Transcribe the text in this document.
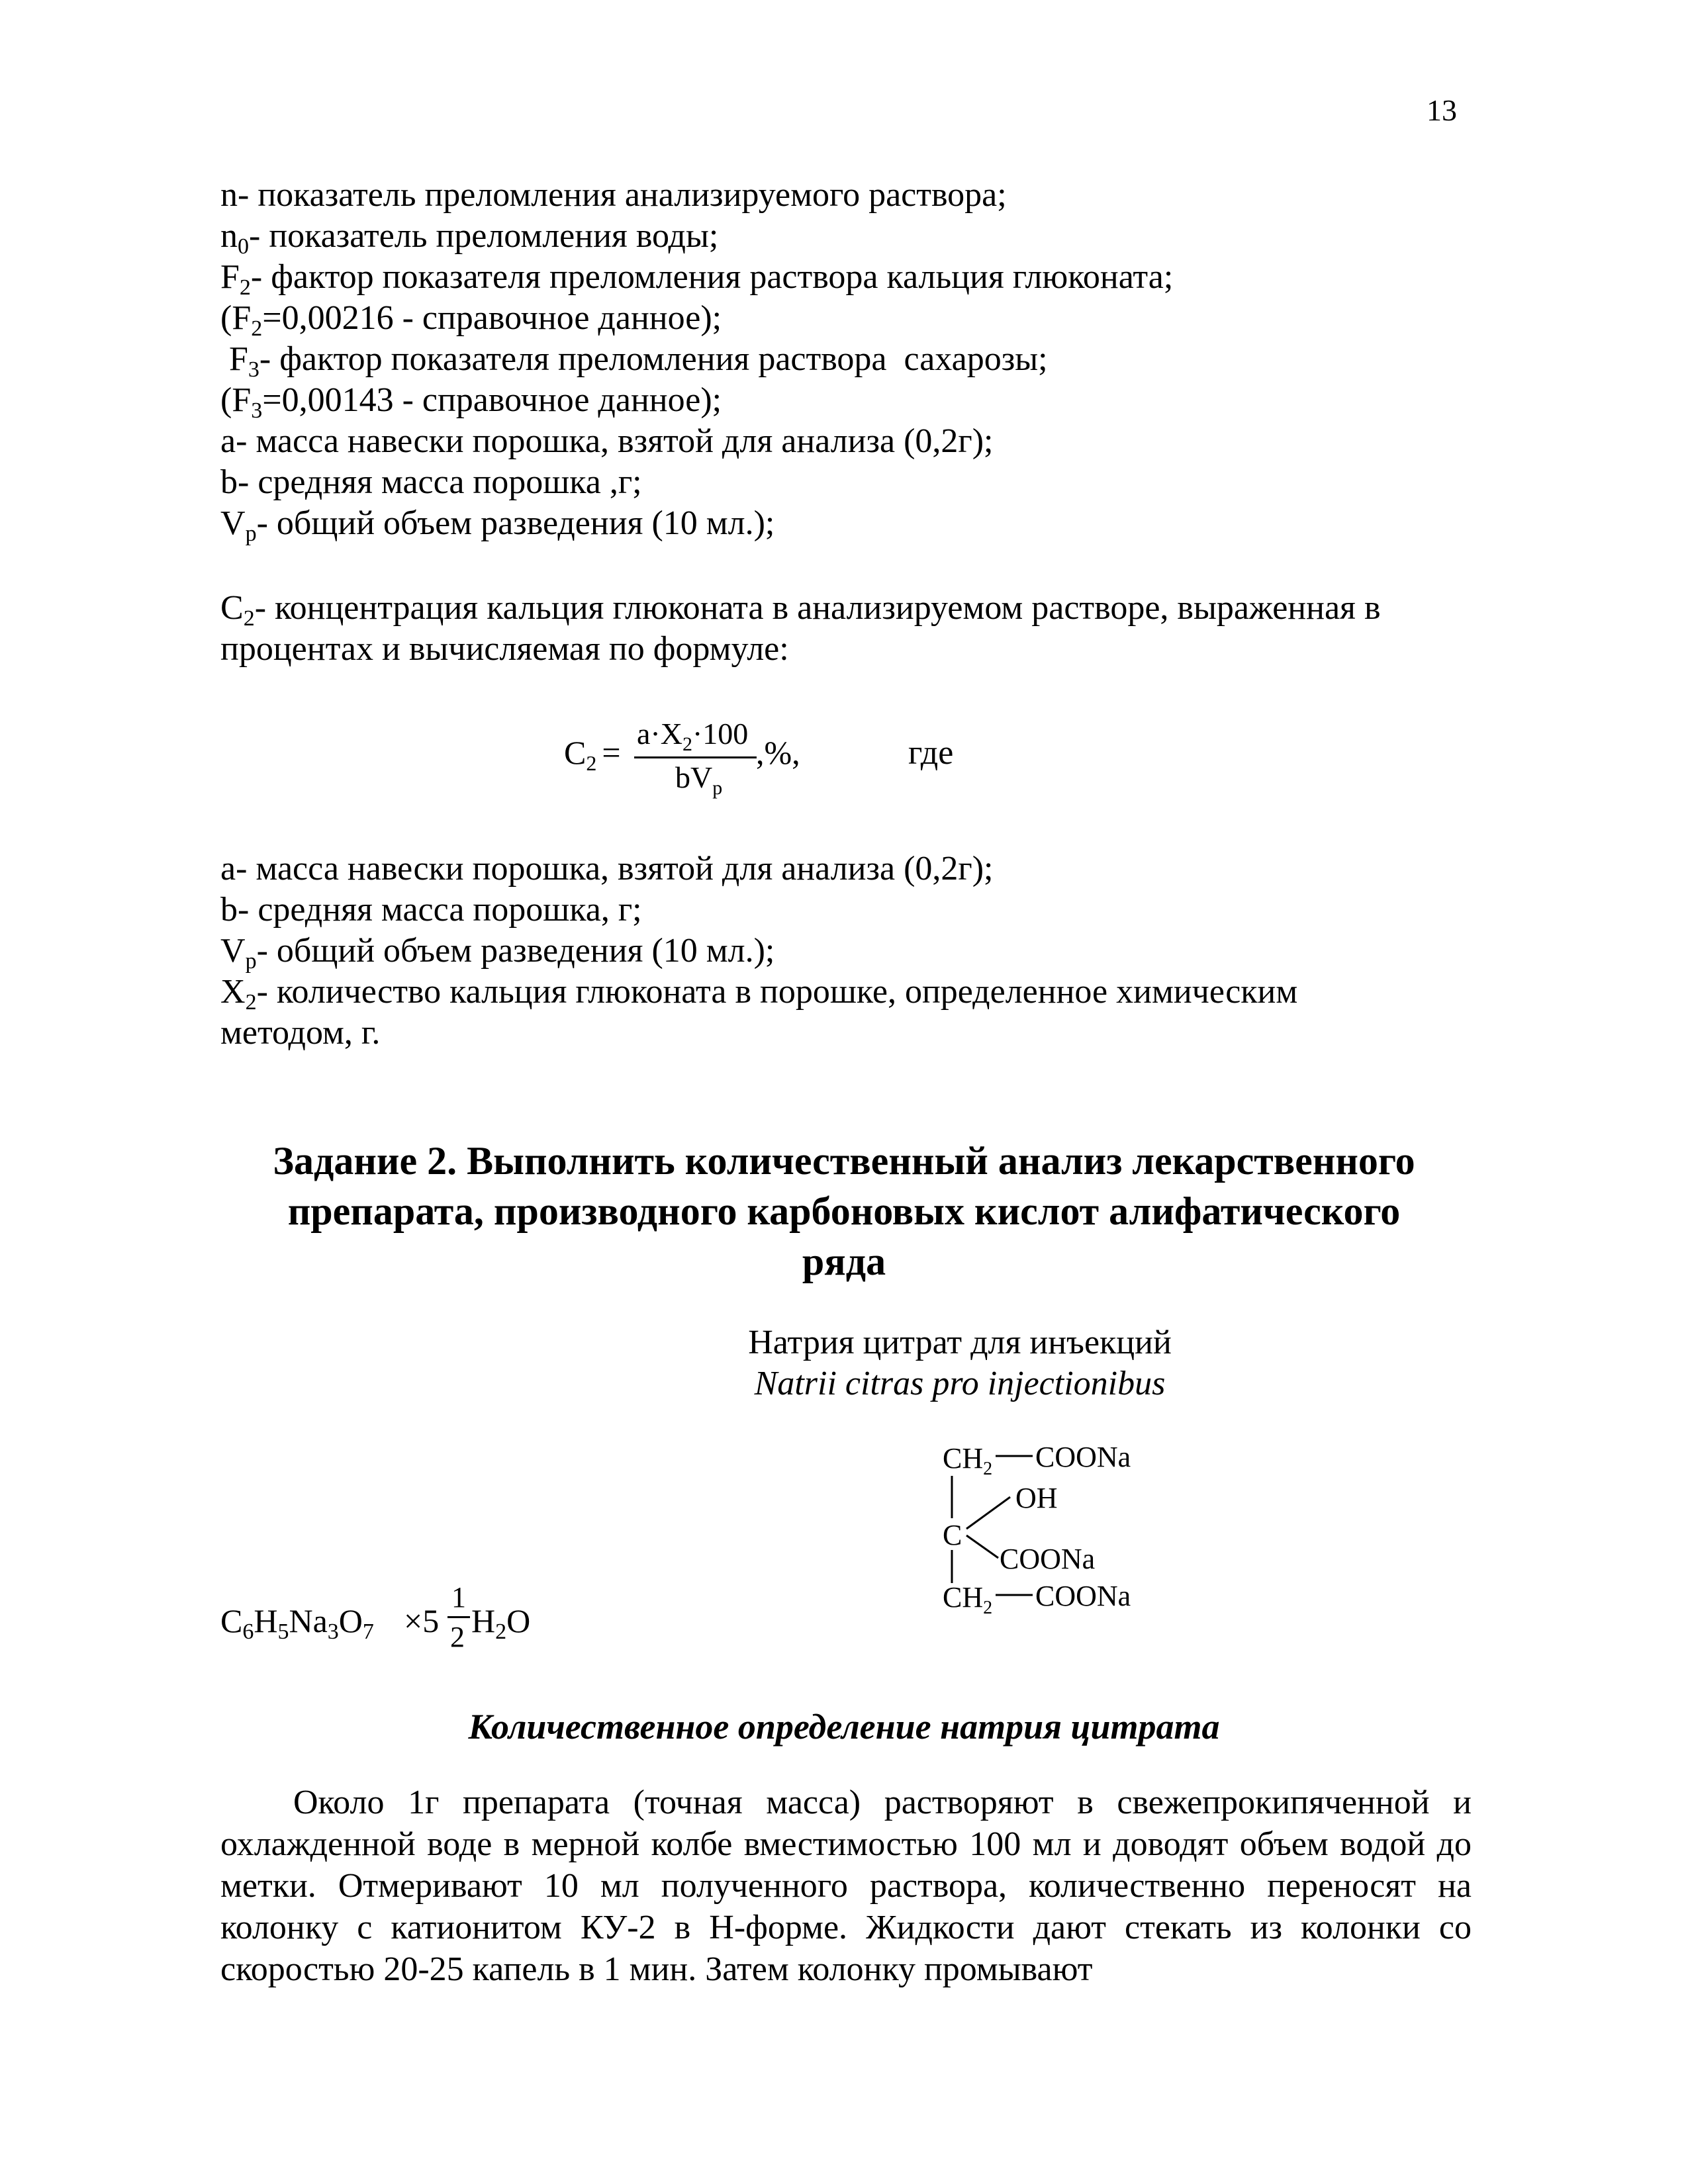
13
n- показатель преломления анализируемого раствора;
n0- показатель преломления воды;
F2- фактор показателя преломления раствора кальция глюконата;
(F2=0,00216 - справочное данное);
F3- фактор показателя преломления раствора  сахарозы;
(F3=0,00143 - справочное данное);
a- масса навески порошка, взятой для анализа (0,2г);
b- средняя масса порошка ,г;
Vр- общий объем разведения (10 мл.);
C2- концентрация кальция глюконата в анализируемом растворе, выраженная в
процентах и вычисляемая по формуле:
$C_2$ =
$a\cdot X_2\cdot 100$
$bV_р$
,%,	где
a- масса навески порошка, взятой для анализа (0,2г);
b- средняя масса порошка, г;
Vр- общий объем разведения (10 мл.);
X2- количество кальция глюконата в порошке, определенное химическим
методом, г.
Задание 2. Выполнить количественный анализ лекарственного
препарата, производного карбоновых кислот алифатического
ряда
Натрия цитрат для инъекций
Natrii citras pro injectionibus
$CH_2$ COONa
OH
C
COONa
$CH_2$ COONa
$C_6H_5Na_3O_7 \times 5$
1
2 $H_2O$
Количественное определение натрия цитрата

Около 1г препарата (точная масса) растворяют в свежепрокипяченной и охлажденной воде в мерной колбе вместимостью 100 мл и доводят объем водой до метки. Отмеривают 10 мл полученного раствора, количественно переносят на колонку с катионитом КУ-2 в Н-форме. Жидкости дают стекать из колонки со скоростью 20-25 капель в 1 мин. Затем колонку промывают
